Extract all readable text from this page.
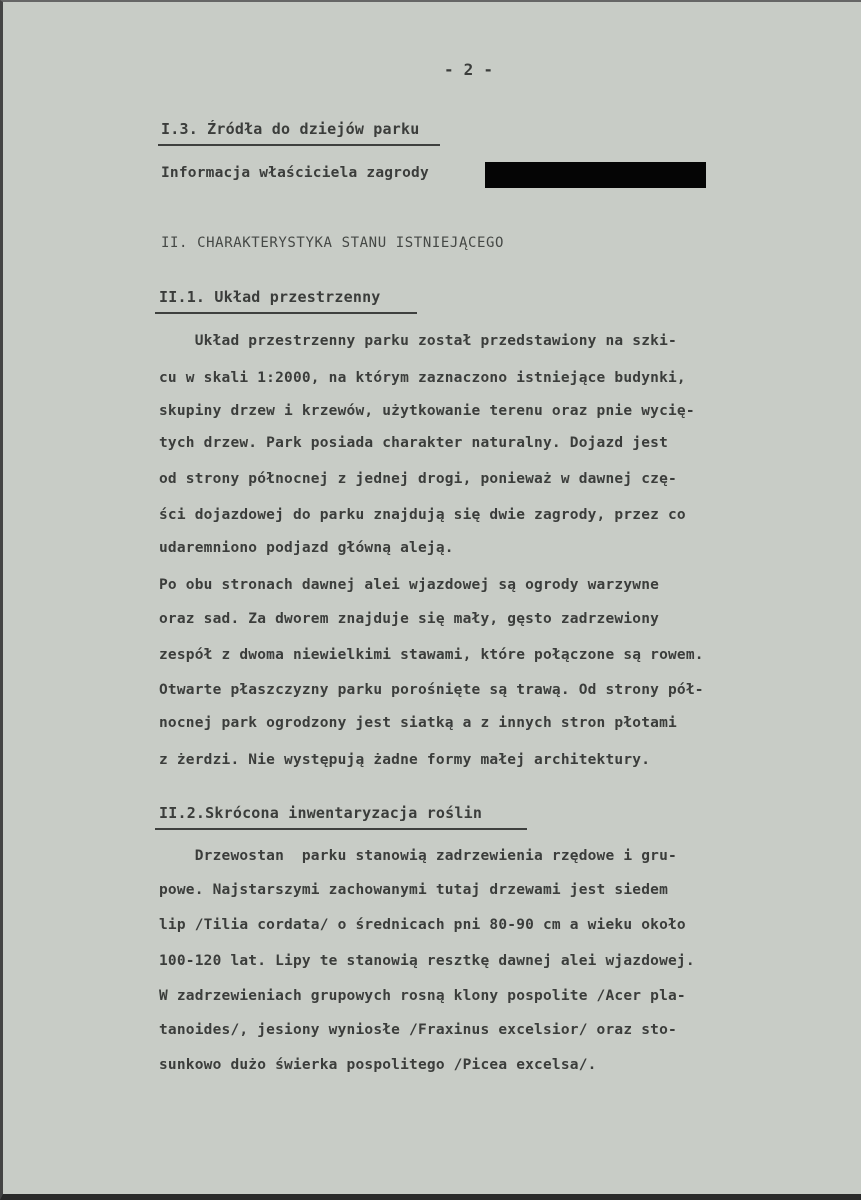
- 2 -
I.3. Źródła do dziejów parku
Informacja właściciela zagrody
II. CHARAKTERYSTYKA STANU ISTNIEJĄCEGO
II.1. Układ przestrzenny
Układ przestrzenny parku został przedstawiony na szki-
cu w skali 1:2000, na którym zaznaczono istniejące budynki,
skupiny drzew i krzewów, użytkowanie terenu oraz pnie wycię-
tych drzew. Park posiada charakter naturalny. Dojazd jest
od strony północnej z jednej drogi, ponieważ w dawnej czę-
ści dojazdowej do parku znajdują się dwie zagrody, przez co
udaremniono podjazd główną aleją.
Po obu stronach dawnej alei wjazdowej są ogrody warzywne
oraz sad. Za dworem znajduje się mały, gęsto zadrzewiony
zespół z dwoma niewielkimi stawami, które połączone są rowem.
Otwarte płaszczyzny parku porośnięte są trawą. Od strony pół-
nocnej park ogrodzony jest siatką a z innych stron płotami
z żerdzi. Nie występują żadne formy małej architektury.
II.2.Skrócona inwentaryzacja roślin
Drzewostan  parku stanowią zadrzewienia rzędowe i gru-
powe. Najstarszymi zachowanymi tutaj drzewami jest siedem
lip /Tilia cordata/ o średnicach pni 80-90 cm a wieku około
100-120 lat. Lipy te stanowią resztkę dawnej alei wjazdowej.
W zadrzewieniach grupowych rosną klony pospolite /Acer pla-
tanoides/, jesiony wyniosłe /Fraxinus excelsior/ oraz sto-
sunkowo dużo świerka pospolitego /Picea excelsa/.
